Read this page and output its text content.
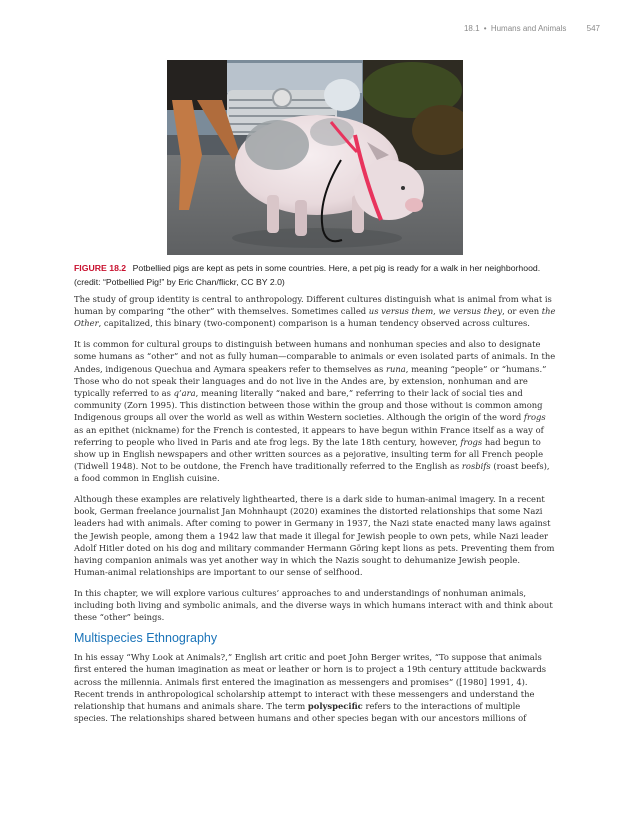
18.1 • Humans and Animals	547
FIGURE 18.2 Potbellied pigs are kept as pets in some countries. Here, a pet pig is ready for a walk in her neighborhood. (credit: “Potbellied Pig!” by Eric Chan/flickr, CC BY 2.0)

The study of group identity is central to anthropology. Different cultures distinguish what is animal from what is human by comparing “the other” with themselves. Sometimes called us versus them, we versus they, or even the Other, capitalized, this binary (two-component) comparison is a human tendency observed across cultures.

It is common for cultural groups to distinguish between humans and nonhuman species and also to designate some humans as “other” and not as fully human—comparable to animals or even isolated parts of animals. In the Andes, indigenous Quechua and Aymara speakers refer to themselves as runa, meaning “people” or “humans.” Those who do not speak their languages and do not live in the Andes are, by extension, nonhuman and are typically referred to as q’ara, meaning literally “naked and bare,” referring to their lack of social ties and community (Zorn 1995). This distinction between those within the group and those without is common among Indigenous groups all over the world as well as within Western societies. Although the origin of the word frogs as an epithet (nickname) for the French is contested, it appears to have begun within France itself as a way of referring to people who lived in Paris and ate frog legs. By the late 18th century, however, frogs had begun to show up in English newspapers and other written sources as a pejorative, insulting term for all French people (Tidwell 1948). Not to be outdone, the French have traditionally referred to the English as rosbifs (roast beefs), a food common in English cuisine.

Although these examples are relatively lighthearted, there is a dark side to human-animal imagery. In a recent book, German freelance journalist Jan Mohnhaupt (2020) examines the distorted relationships that some Nazi leaders had with animals. After coming to power in Germany in 1937, the Nazi state enacted many laws against the Jewish people, among them a 1942 law that made it illegal for Jewish people to own pets, while Nazi leader Adolf Hitler doted on his dog and military commander Hermann Göring kept lions as pets. Preventing them from having companion animals was yet another way in which the Nazis sought to dehumanize Jewish people. Human-animal relationships are important to our sense of selfhood.

In this chapter, we will explore various cultures’ approaches to and understandings of nonhuman animals, including both living and symbolic animals, and the diverse ways in which humans interact with and think about these “other” beings.

Multispecies Ethnography

In his essay “Why Look at Animals?,” English art critic and poet John Berger writes, “To suppose that animals first entered the human imagination as meat or leather or horn is to project a 19th century attitude backwards across the millennia. Animals first entered the imagination as messengers and promises” ([1980] 1991, 4). Recent trends in anthropological scholarship attempt to interact with these messengers and understand the relationship that humans and animals share. The term polyspecific refers to the interactions of multiple species. The relationships shared between humans and other species began with our ancestors millions of
